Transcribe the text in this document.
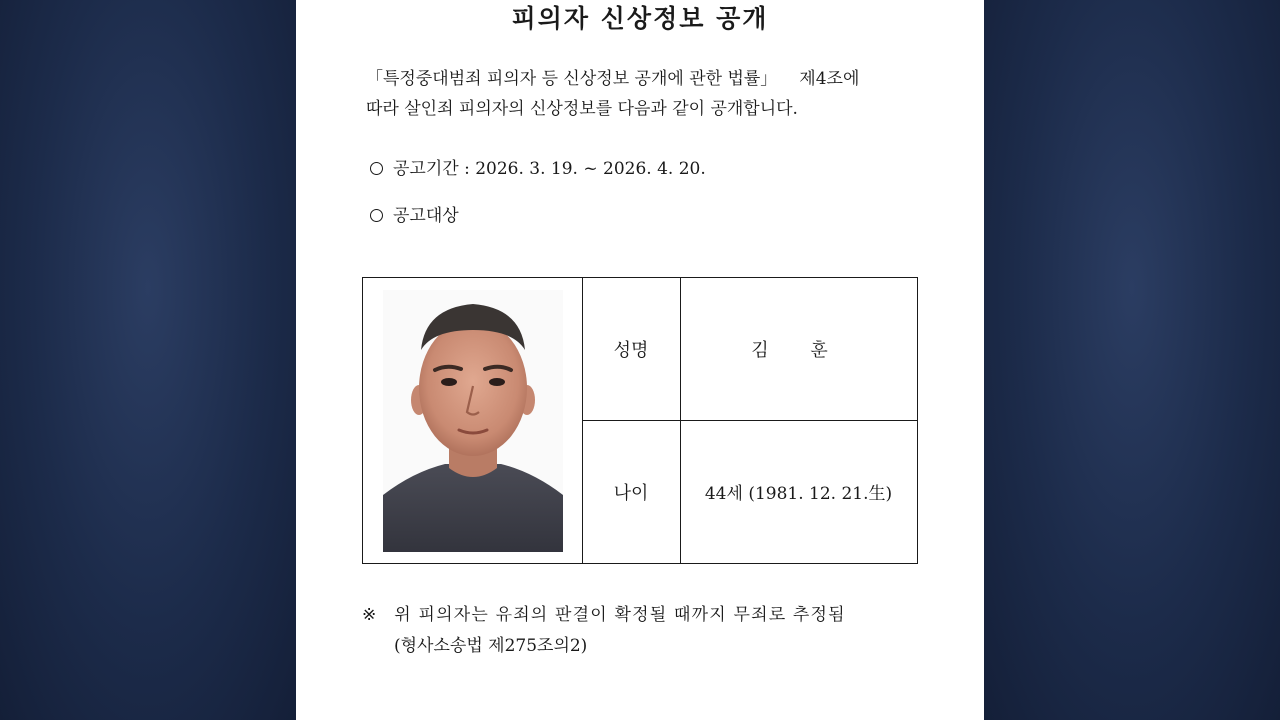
피의자 신상정보 공개
「특정중대범죄 피의자 등 신상정보 공개에 관한 법률」 제4조에
따라 살인죄 피의자의 신상정보를 다음과 같이 공개합니다.
공고기간 : 2026. 3. 19. ~ 2026. 4. 20.
공고대상
성명	김 훈
나이	44세 (1981. 12. 21.生)
※ 위 피의자는 유죄의 판결이 확정될 때까지 무죄로 추정됨
(형사소송법 제275조의2)
